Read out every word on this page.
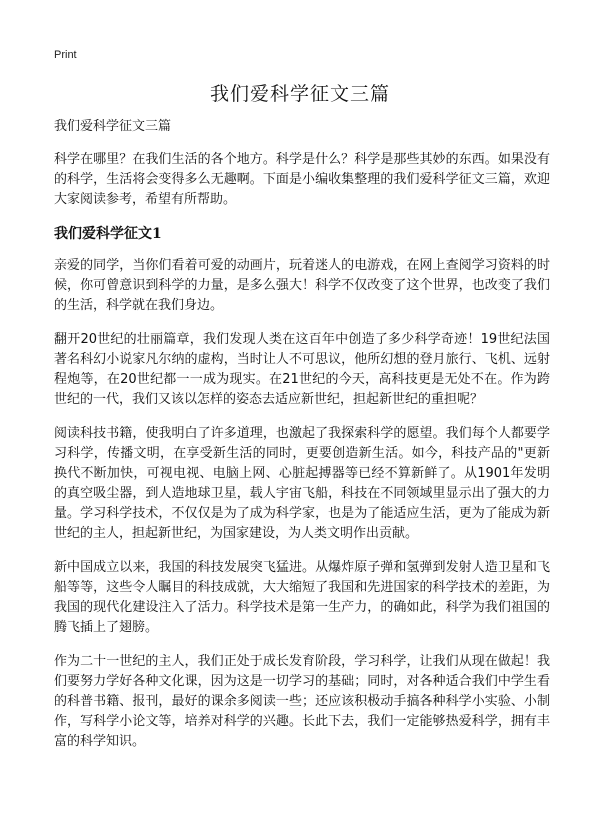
Print
我们爱科学征文三篇

我们爱科学征文三篇

科学在哪里？在我们生活的各个地方。科学是什么？科学是那些其妙的东西。如果没有的科学，生活将会变得多么无趣啊。下面是小编收集整理的我们爱科学征文三篇，欢迎大家阅读参考，希望有所帮助。

我们爱科学征文1

亲爱的同学，当你们看着可爱的动画片，玩着迷人的电游戏，在网上查阅学习资料的时候，你可曾意识到科学的力量，是多么强大！科学不仅改变了这个世界，也改变了我们的生活，科学就在我们身边。

翻开20世纪的壮丽篇章，我们发现人类在这百年中创造了多少科学奇迹！19世纪法国著名科幻小说家凡尔纳的虚构，当时让人不可思议，他所幻想的登月旅行、飞机、远射程炮等，在20世纪都一一成为现实。在21世纪的今天，高科技更是无处不在。作为跨世纪的一代，我们又该以怎样的姿态去适应新世纪，担起新世纪的重担呢？

阅读科技书籍，使我明白了许多道理，也激起了我探索科学的愿望。我们每个人都要学习科学，传播文明，在享受新生活的同时，更要创造新生活。如今，科技产品的"更新换代不断加快，可视电视、电脑上网、心脏起搏器等已经不算新鲜了。从1901年发明的真空吸尘器，到人造地球卫星，载人宇宙飞船，科技在不同领域里显示出了强大的力量。学习科学技术，不仅仅是为了成为科学家，也是为了能适应生活，更为了能成为新世纪的主人，担起新世纪，为国家建设，为人类文明作出贡献。

新中国成立以来，我国的科技发展突飞猛进。从爆炸原子弹和氢弹到发射人造卫星和飞船等等，这些令人瞩目的科技成就，大大缩短了我国和先进国家的科学技术的差距，为我国的现代化建设注入了活力。科学技术是第一生产力，的确如此，科学为我们祖国的腾飞插上了翅膀。

作为二十一世纪的主人，我们正处于成长发育阶段，学习科学，让我们从现在做起！我们要努力学好各种文化课，因为这是一切学习的基础；同时，对各种适合我们中学生看的科普书籍、报刊，最好的课余多阅读一些；还应该积极动手搞各种科学小实验、小制作，写科学小论文等，培养对科学的兴趣。长此下去，我们一定能够热爱科学，拥有丰富的科学知识。
